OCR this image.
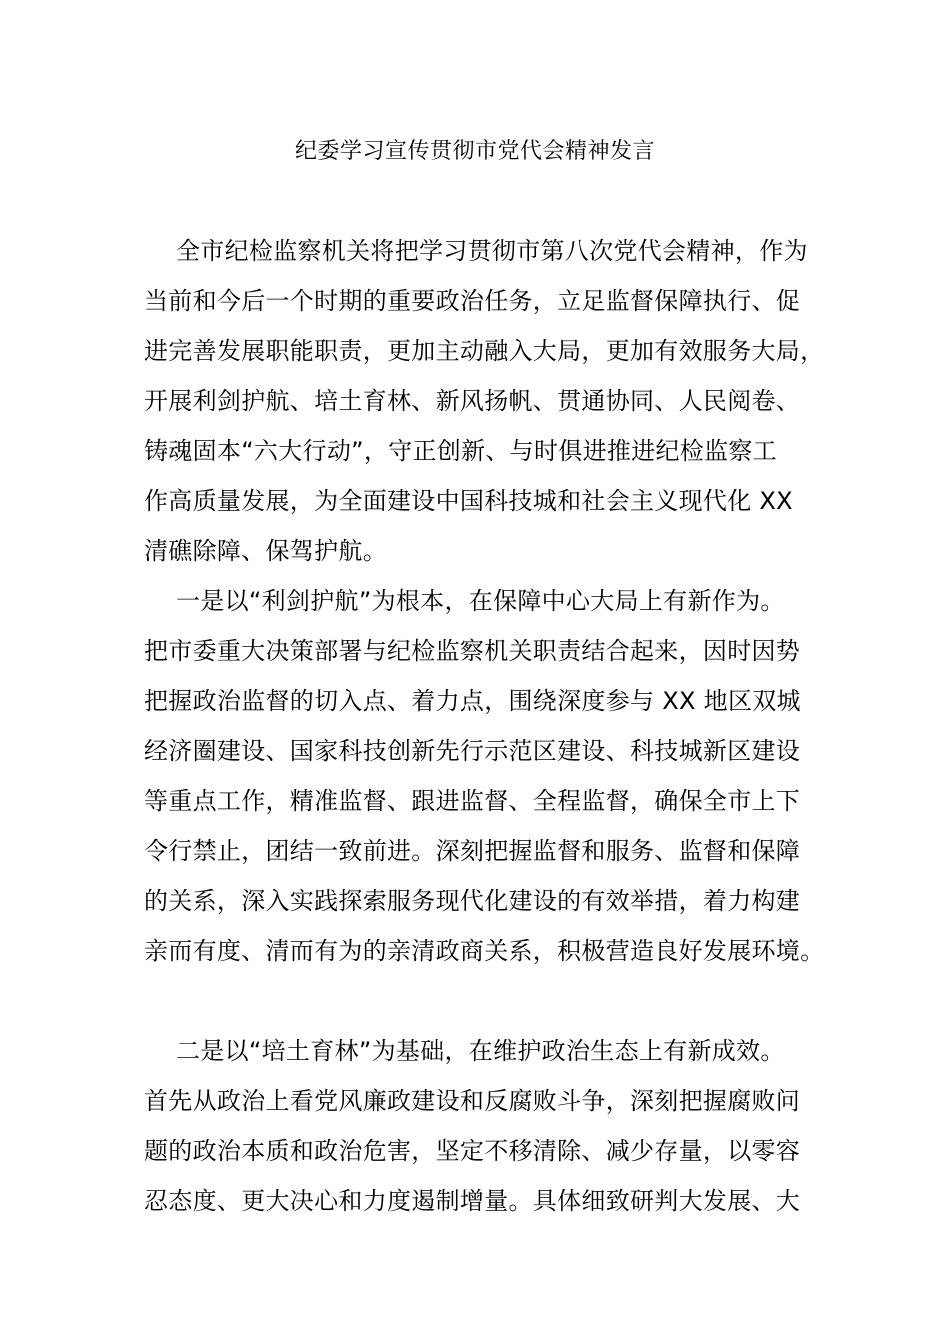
纪委学习宣传贯彻市党代会精神发言
全市纪检监察机关将把学习贯彻市第八次党代会精神，作为
当前和今后一个时期的重要政治任务，立足监督保障执行、促
进完善发展职能职责，更加主动融入大局，更加有效服务大局，
开展利剑护航、培土育林、新风扬帆、贯通协同、人民阅卷、
铸魂固本“六大行动”，守正创新、与时俱进推进纪检监察工
作高质量发展，为全面建设中国科技城和社会主义现代化 XX
清礁除障、保驾护航。
一是以“利剑护航”为根本，在保障中心大局上有新作为。
把市委重大决策部署与纪检监察机关职责结合起来，因时因势
把握政治监督的切入点、着力点，围绕深度参与 XX 地区双城
经济圈建设、国家科技创新先行示范区建设、科技城新区建设
等重点工作，精准监督、跟进监督、全程监督，确保全市上下
令行禁止，团结一致前进。深刻把握监督和服务、监督和保障
的关系，深入实践探索服务现代化建设的有效举措，着力构建
亲而有度、清而有为的亲清政商关系，积极营造良好发展环境。
二是以“培土育林”为基础，在维护政治生态上有新成效。
首先从政治上看党风廉政建设和反腐败斗争，深刻把握腐败问
题的政治本质和政治危害，坚定不移清除、减少存量，以零容
忍态度、更大决心和力度遏制增量。具体细致研判大发展、大
